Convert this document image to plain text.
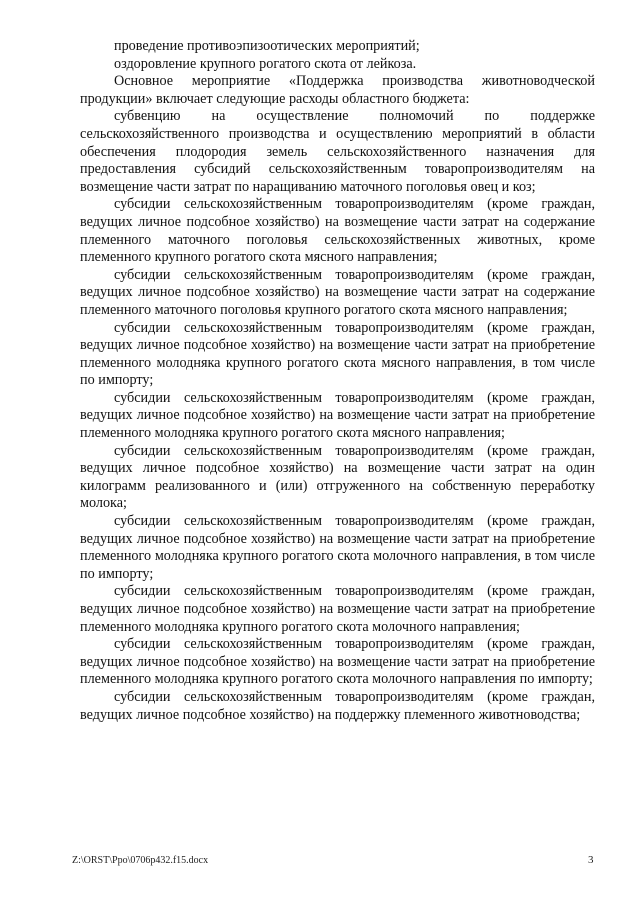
проведение противоэпизоотических мероприятий;

оздоровление крупного рогатого скота от лейкоза.

Основное мероприятие «Поддержка производства животноводческой продукции» включает следующие расходы областного бюджета:

субвенцию на осуществление полномочий по поддержке сельскохозяйственного производства и осуществлению мероприятий в области обеспечения плодородия земель сельскохозяйственного назначения для предоставления субсидий сельскохозяйственным товаропроизводителям на возмещение части затрат по наращиванию маточного поголовья овец и коз;

субсидии сельскохозяйственным товаропроизводителям (кроме граждан, ведущих личное подсобное хозяйство) на возмещение части затрат на содержание племенного маточного поголовья сельскохозяйственных животных, кроме племенного крупного рогатого скота мясного направления;

субсидии сельскохозяйственным товаропроизводителям (кроме граждан, ведущих личное подсобное хозяйство) на возмещение части затрат на содержание племенного маточного поголовья крупного рогатого скота мясного направления;

субсидии сельскохозяйственным товаропроизводителям (кроме граждан, ведущих личное подсобное хозяйство) на возмещение части затрат на приобретение племенного молодняка крупного рогатого скота мясного направления, в том числе по импорту;

субсидии сельскохозяйственным товаропроизводителям (кроме граждан, ведущих личное подсобное хозяйство) на возмещение части затрат на приобретение племенного молодняка крупного рогатого скота мясного направления;

субсидии сельскохозяйственным товаропроизводителям (кроме граждан, ведущих личное подсобное хозяйство) на возмещение части затрат на один килограмм реализованного и (или) отгруженного на собственную переработку молока;

субсидии сельскохозяйственным товаропроизводителям (кроме граждан, ведущих личное подсобное хозяйство) на возмещение части затрат на приобретение племенного молодняка крупного рогатого скота молочного направления, в том числе по импорту;

субсидии сельскохозяйственным товаропроизводителям (кроме граждан, ведущих личное подсобное хозяйство) на возмещение части затрат на приобретение племенного молодняка крупного рогатого скота молочного направления;

субсидии сельскохозяйственным товаропроизводителям (кроме граждан, ведущих личное подсобное хозяйство) на возмещение части затрат на приобретение племенного молодняка крупного рогатого скота молочного направления по импорту;

субсидии сельскохозяйственным товаропроизводителям (кроме граждан, ведущих личное подсобное хозяйство) на поддержку племенного животноводства;

Z:\ORST\Ppo\0706p432.f15.docx	3
